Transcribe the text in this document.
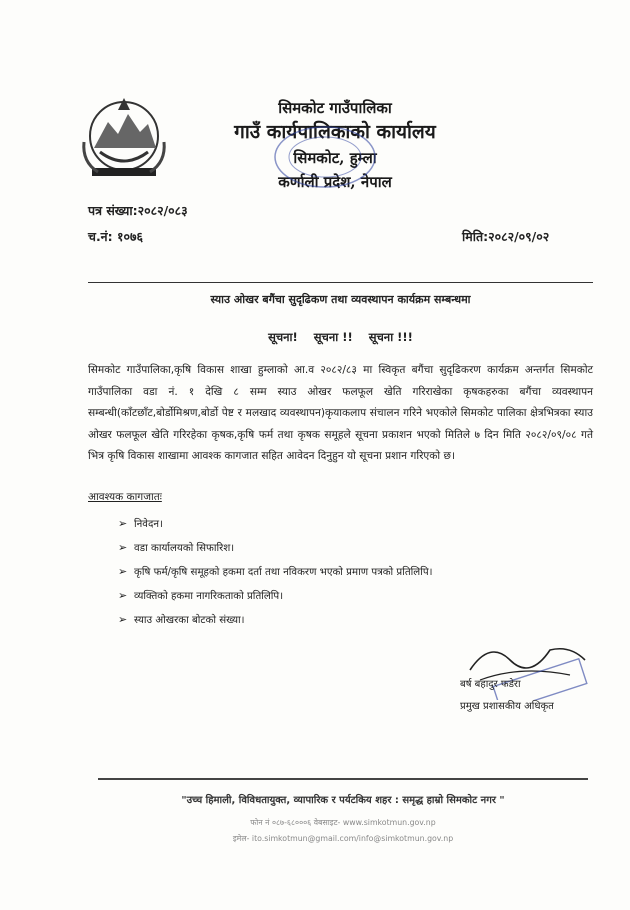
सिमकोट गाउँपालिका
गाउँ कार्यपालिकाको कार्यालय
सिमकोट, हुम्ला
कर्णाली प्रदेश, नेपाल
पत्र संख्या:२०८२/०८३
च.नं: १०७६	मिति:२०८२/०९/०२
स्याउ ओखर बगैंचा सुदृढिकण तथा व्यवस्थापन कार्यक्रम सम्बन्धमा
सूचना! सूचना !! सूचना !!!
सिमकोट गाउँपालिका,कृषि विकास शाखा हुम्लाको आ.व २०८२/८३ मा स्विकृत बगैंचा सुदृढिकरण कार्यक्रम अन्तर्गत सिमकोट गाउँपालिका वडा नं. १ देखि ८ सम्म स्याउ ओखर फलफूल खेति गरिराखेका कृषकहरुका बगैंचा व्यवस्थापन सम्बन्धी(काँटछाँट,बोर्डोमिश्रण,बोर्डो पेष्ट र मलखाद व्यवस्थापन)कृयाकलाप संचालन गरिने भएकोले सिमकोट पालिका क्षेत्रभित्रका स्याउ ओखर फलफूल खेति गरिरहेका कृषक,कृषि फर्म तथा कृषक समूहले सूचना प्रकाशन भएको मितिले ७ दिन मिति २०८२/०९/०८ गते भित्र कृषि विकास शाखामा आवश्क कागजात सहित आवेदन दिनुहुन यो सूचना प्रशान गरिएको छ।
आवश्यक कागजातः
➢ निवेदन।
➢ वडा कार्यालयको सिफारिश।
➢ कृषि फर्म/कृषि समूहको हकमा दर्ता तथा नविकरण भएको प्रमाण पत्रको प्रतिलिपि।
➢ व्यक्तिको हकमा नागरिकताको प्रतिलिपि।
➢ स्याउ ओखरका बोटको संख्या।
बर्ष बहादुर फडेरा
प्रमुख प्रशासकीय अधिकृत
"उच्च हिमाली, विविधतायुक्त, व्यापारिक र पर्यटकिय शहर : समृद्ध हाम्रो सिमकोट नगर "
फोन नं ०८७-६८०००६ वेबसाइट- www.simkotmun.gov.np
इमेल- ito.simkotmun@gmail.com/info@simkotmun.gov.np
